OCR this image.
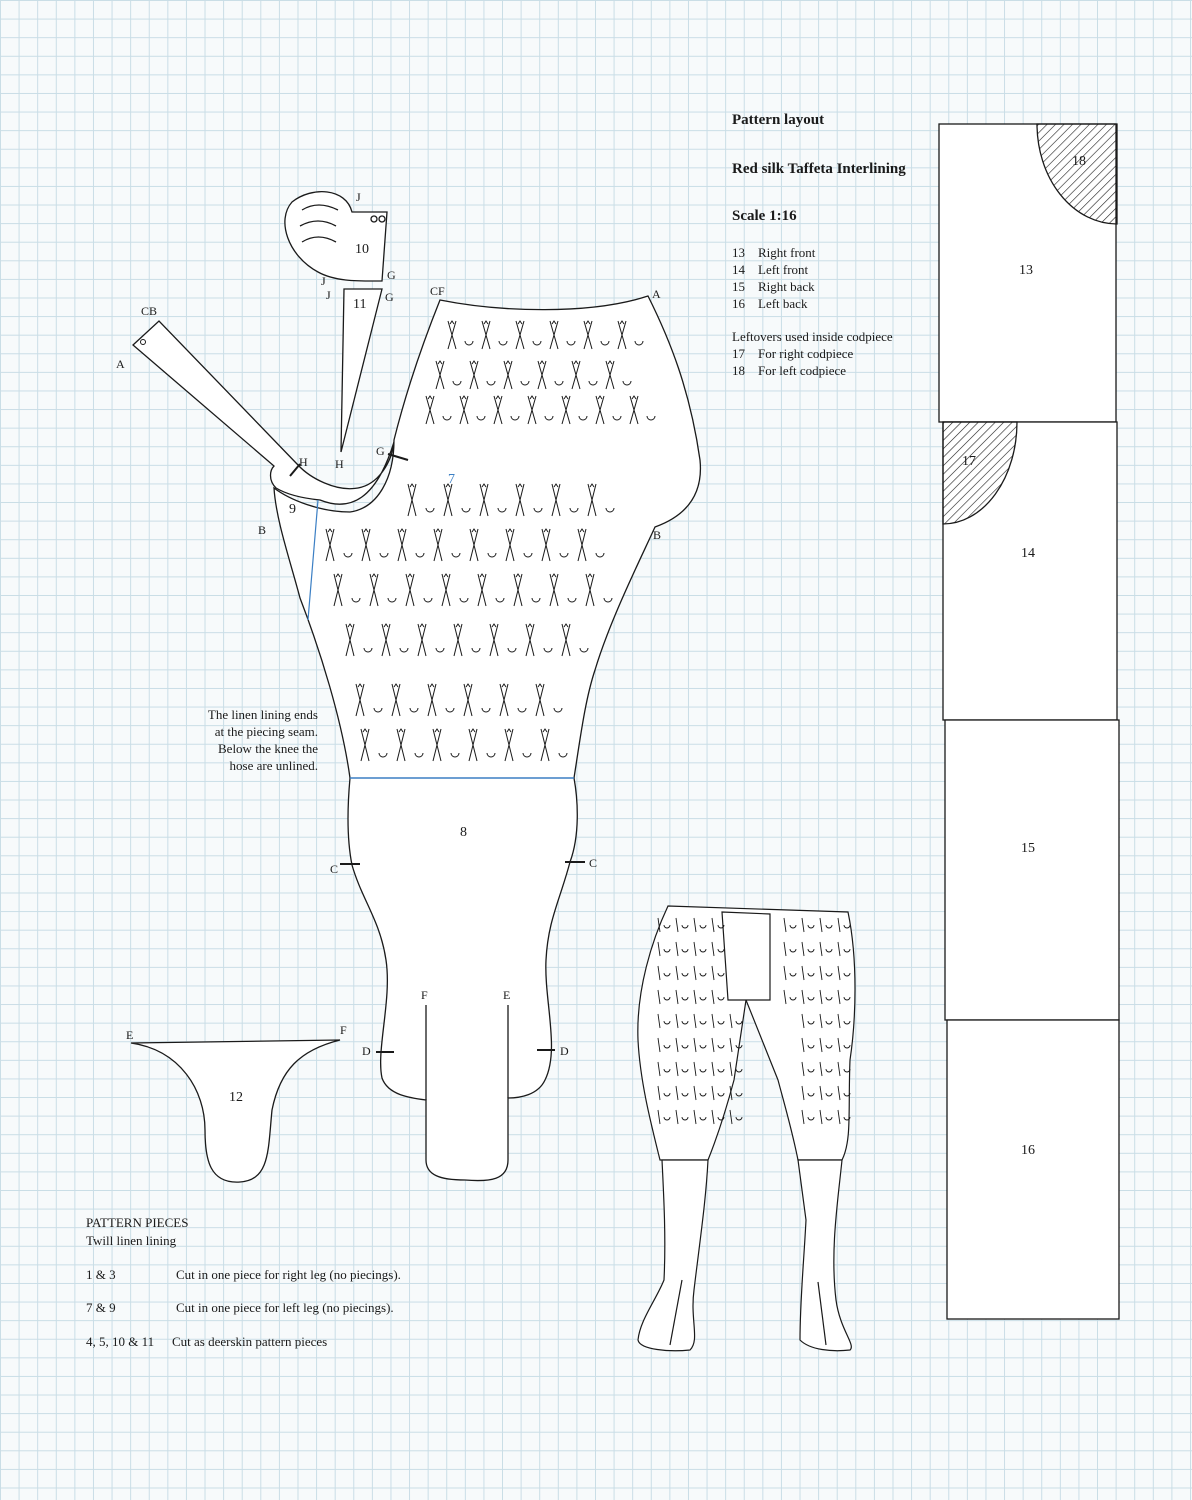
Pattern layout
Red silk Taffeta Interlining
Scale 1:16
13 Right front
14 Left front
15 Right back
16 Left back
Leftovers used inside codpiece
17 For right codpiece
18 For left codpiece
13
14
15
16
17
18
7
8
9
10
11
12
CB
A
CF	A
J
J
J
G
G
G
H H
B	B
C	C
D	D
F	E
E	F
The linen lining ends
at the piecing seam.
Below the knee the
hose are unlined.
PATTERN PIECES
Twill linen lining
1 & 3	Cut in one piece for right leg (no piecings).
7 & 9	Cut in one piece for left leg (no piecings).
4, 5, 10 & 11 Cut as deerskin pattern pieces
